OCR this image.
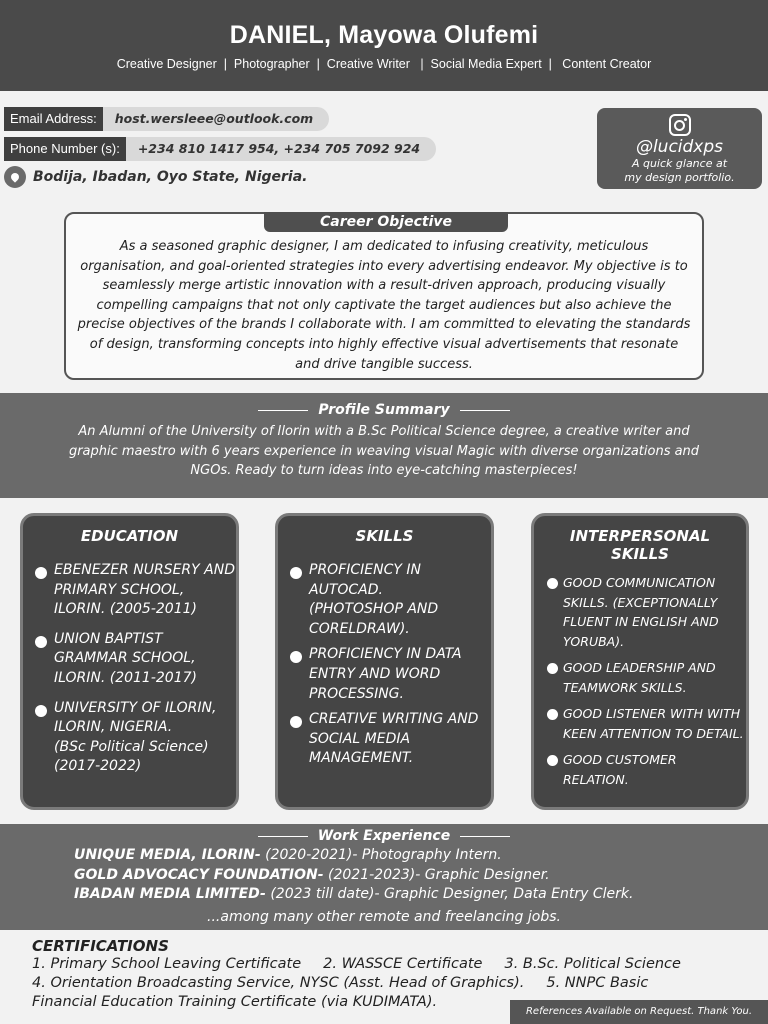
DANIEL, Mayowa Olufemi
Creative Designer  |  Photographer  |  Creative Writer   |  Social Media Expert  |   Content Creator
Email Address:	host.wersleee@outlook.com
Phone Number (s):	+234 810 1417 954, +234 705 7092 924
Bodija, Ibadan, Oyo State, Nigeria.
@lucidxps
A quick glance at
my design portfolio.
Career Objective
As a seasoned graphic designer, I am dedicated to infusing creativity, meticulous organisation, and goal-oriented strategies into every advertising endeavor. My objective is to seamlessly merge artistic innovation with a result-driven approach, producing visually compelling campaigns that not only captivate the target audiences but also achieve the precise objectives of the brands I collaborate with. I am committed to elevating the standards of design, transforming concepts into highly effective visual advertisements that resonate and drive tangible success.
Profile Summary
An Alumni of the University of Ilorin with a B.Sc Political Science degree, a creative writer and graphic maestro with 6 years experience in weaving visual Magic with diverse organizations and NGOs. Ready to turn ideas into eye-catching masterpieces!
EDUCATION
EBENEZER NURSERY AND PRIMARY SCHOOL, ILORIN. (2005-2011)
UNION BAPTIST GRAMMAR SCHOOL, ILORIN. (2011-2017)
UNIVERSITY OF ILORIN, ILORIN, NIGERIA.
(BSc Political Science)
(2017-2022)
SKILLS
PROFICIENCY IN AUTOCAD.
(PHOTOSHOP AND CORELDRAW).
PROFICIENCY IN DATA ENTRY AND WORD PROCESSING.
CREATIVE WRITING AND SOCIAL MEDIA MANAGEMENT.
INTERPERSONAL SKILLS
GOOD COMMUNICATION SKILLS. (EXCEPTIONALLY FLUENT IN ENGLISH AND YORUBA).
GOOD LEADERSHIP AND TEAMWORK SKILLS.
GOOD LISTENER WITH WITH KEEN ATTENTION TO DETAIL.
GOOD CUSTOMER RELATION.
Work Experience
UNIQUE MEDIA, ILORIN- (2020-2021)- Photography Intern.
GOLD ADVOCACY FOUNDATION- (2021-2023)- Graphic Designer.
IBADAN MEDIA LIMITED- (2023 till date)- Graphic Designer, Data Entry Clerk.
...among many other remote and freelancing jobs.
CERTIFICATIONS
1. Primary School Leaving Certificate 2. WASSCE Certificate 3. B.Sc. Political Science
4. Orientation Broadcasting Service, NYSC (Asst. Head of Graphics). 5. NNPC Basic
Financial Education Training Certificate (via KUDIMATA).
References Available on Request. Thank You.
